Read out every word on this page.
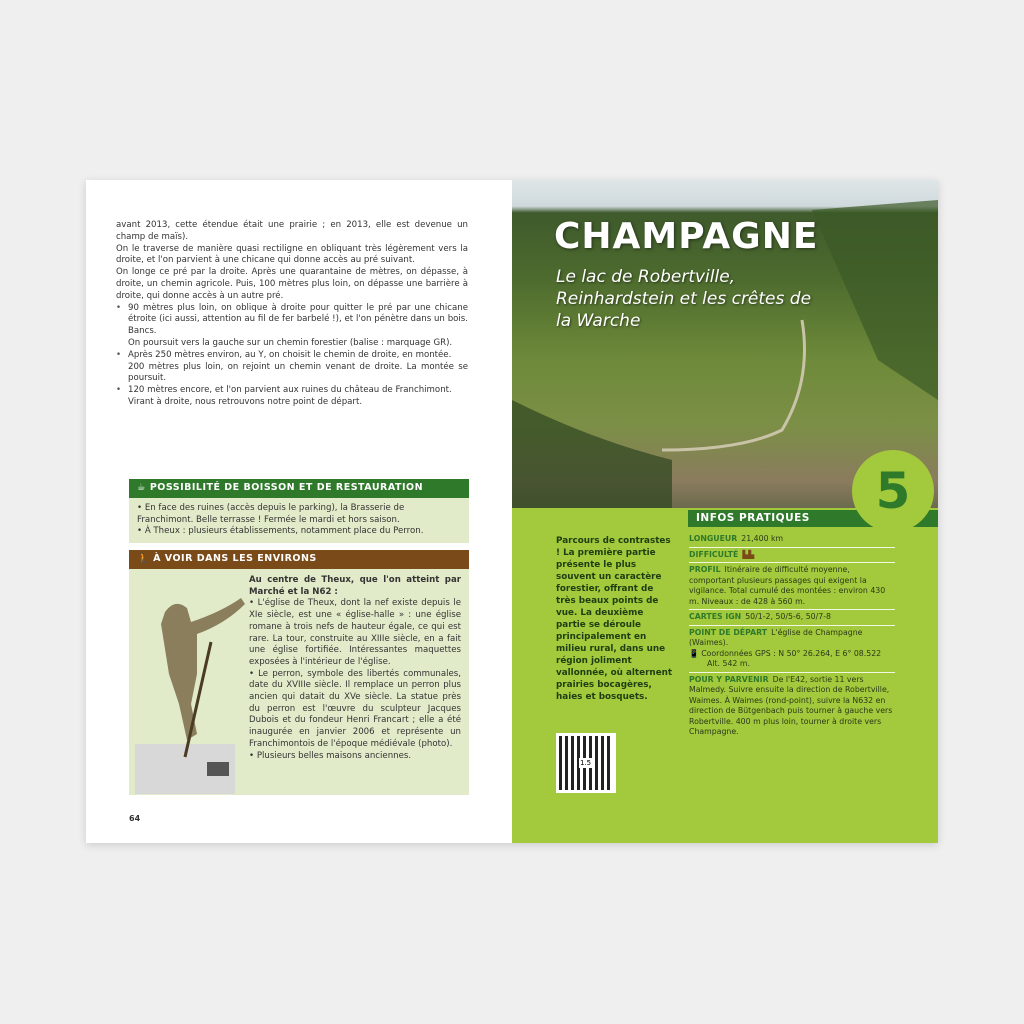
avant 2013, cette étendue était une prairie ; en 2013, elle est devenue un champ de maïs).

On le traverse de manière quasi rectiligne en obliquant très légèrement vers la droite, et l'on parvient à une chicane qui donne accès au pré suivant.

On longe ce pré par la droite. Après une quarantaine de mètres, on dépasse, à droite, un chemin agricole. Puis, 100 mètres plus loin, on dépasse une barrière à droite, qui donne accès à un autre pré.

• 90 mètres plus loin, on oblique à droite pour quitter le pré par une chicane étroite (ici aussi, attention au fil de fer barbelé !), et l'on pénètre dans un bois. Bancs.

On poursuit vers la gauche sur un chemin forestier (balise : marquage GR).

• Après 250 mètres environ, au Y, on choisit le chemin de droite, en montée.

200 mètres plus loin, on rejoint un chemin venant de droite. La montée se poursuit.

• 120 mètres encore, et l'on parvient aux ruines du château de Franchimont.

Virant à droite, nous retrouvons notre point de départ.

☕ POSSIBILITÉ DE BOISSON ET DE RESTAURATION
• En face des ruines (accès depuis le parking), la Brasserie de Franchimont. Belle terrasse ! Fermée le mardi et hors saison.
• À Theux : plusieurs établissements, notamment place du Perron.
🚶 À VOIR DANS LES ENVIRONS
Au centre de Theux, que l'on atteint par Marché et la N62 :
• L'église de Theux, dont la nef existe depuis le XIe siècle, est une « église-halle » : une église romane à trois nefs de hauteur égale, ce qui est rare. La tour, construite au XIIIe siècle, en a fait une église fortifiée. Intéressantes maquettes exposées à l'intérieur de l'église.
• Le perron, symbole des libertés communales, date du XVIIIe siècle. Il remplace un perron plus ancien qui datait du XVe siècle. La statue près du perron est l'œuvre du sculpteur Jacques Dubois et du fondeur Henri Francart ; elle a été inaugurée en janvier 2006 et représente un Franchimontois de l'époque médiévale (photo).
• Plusieurs belles maisons anciennes.
64
CHAMPAGNE
Le lac de Robertville, Reinhardstein et les crêtes de la Warche
5
INFOS PRATIQUES
Parcours de contrastes ! La première partie présente le plus souvent un caractère forestier, offrant de très beaux points de vue. La deuxième partie se déroule principalement en milieu rural, dans une région joliment vallonnée, où alternent prairies bocagères, haies et bosquets.
1.5
LONGUEUR 21,400 km
DIFFICULTÉ ▙▙
PROFIL Itinéraire de difficulté moyenne, comportant plusieurs passages qui exigent la vigilance. Total cumulé des montées : environ 430 m. Niveaux : de 428 à 560 m.
CARTES IGN 50/1-2, 50/5-6, 50/7-8
POINT DE DÉPART L'église de Champagne (Waimes).
📱 Coordonnées GPS : N 50° 26.264, E 6° 08.522
Alt. 542 m.
POUR Y PARVENIR De l'E42, sortie 11 vers Malmedy. Suivre ensuite la direction de Robertville, Waimes. À Waimes (rond-point), suivre la N632 en direction de Bütgenbach puis tourner à gauche vers Robertville. 400 m plus loin, tourner à droite vers Champagne.
